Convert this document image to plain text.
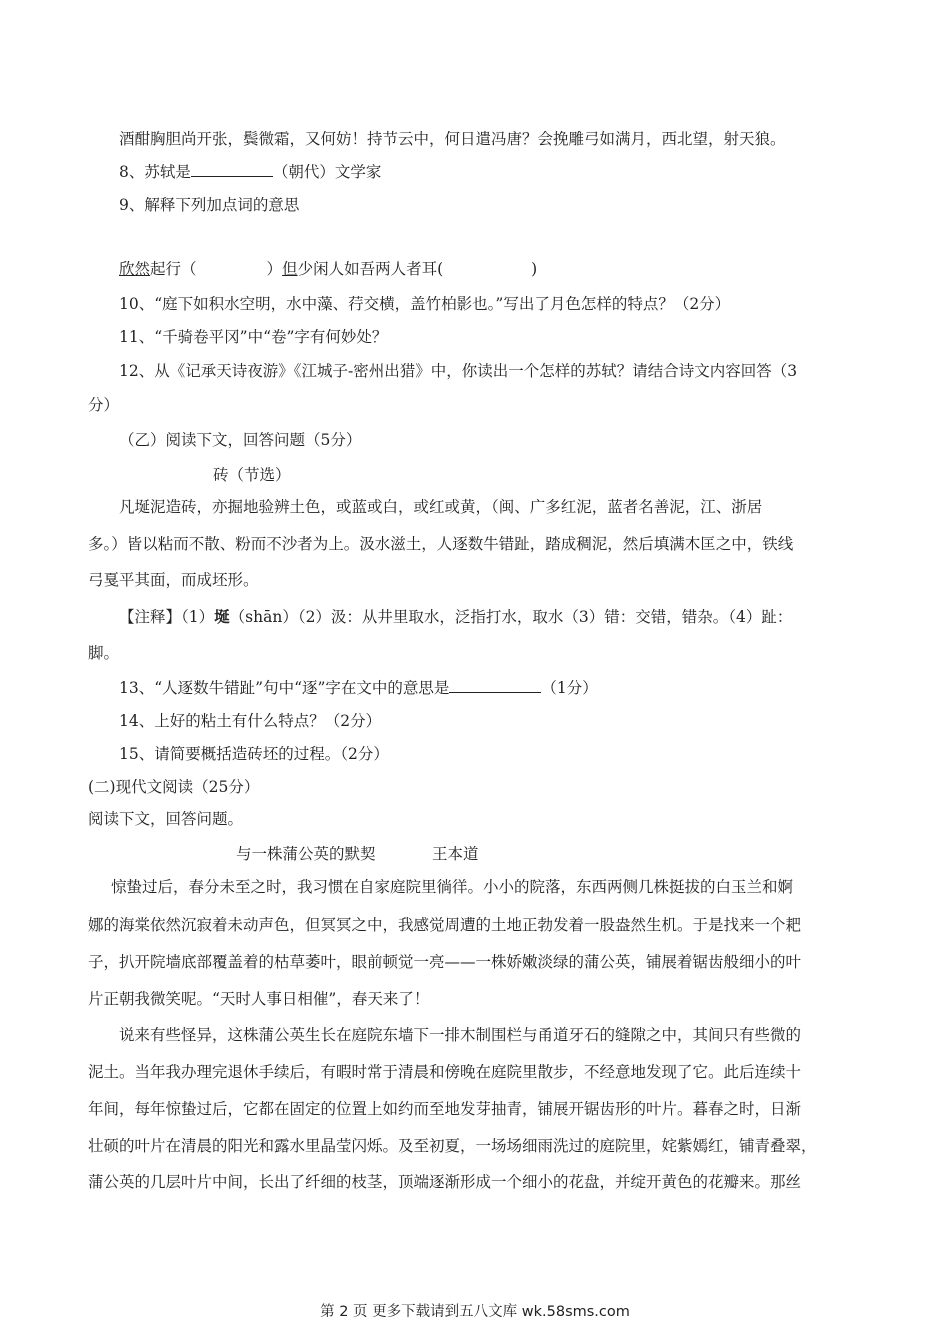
酒酣胸胆尚开张，鬓微霜，又何妨！持节云中，何日遣冯唐？会挽雕弓如满月，西北望，射天狼。
8、苏轼是	（朝代）文学家
9、解释下列加点词的意思
欣然起行（	）但少闲人如吾两人者耳(	)
10、“庭下如积水空明，水中藻、荇交横，盖竹柏影也。”写出了月色怎样的特点？（2分）
11、“千骑卷平冈”中“卷”字有何妙处？
12、从《记承天诗夜游》《江城子-密州出猎》中，你读出一个怎样的苏轼？请结合诗文内容回答（3
分）
（乙）阅读下文，回答问题（5分）
砖（节选）
凡埏泥造砖，亦掘地验辨土色，或蓝或白，或红或黄，（闽、广多红泥，蓝者名善泥，江、浙居
多。）皆以粘而不散、粉而不沙者为上。汲水滋土，人逐数牛错趾，踏成稠泥，然后填满木匡之中，铁线
弓戛平其面，而成坯形。
【注释】（1）埏（shān）（2）汲：从井里取水，泛指打水，取水（3）错：交错，错杂。（4）趾：
脚。
13、“人逐数牛错趾”句中“逐”字在文中的意思是	（1分）
14、上好的粘土有什么特点？（2分）
15、请简要概括造砖坯的过程。（2分）
(二)现代文阅读（25分）
阅读下文，回答问题。
与一株蒲公英的默契	王本道
惊蛰过后，春分未至之时，我习惯在自家庭院里徜徉。小小的院落，东西两侧几株挺拔的白玉兰和婀
娜的海棠依然沉寂着未动声色，但冥冥之中，我感觉周遭的土地正勃发着一股盎然生机。于是找来一个耙
子，扒开院墙底部覆盖着的枯草萎叶，眼前顿觉一亮——一株娇嫩淡绿的蒲公英，铺展着锯齿般细小的叶
片正朝我微笑呢。“天时人事日相催”，春天来了！
说来有些怪异，这株蒲公英生长在庭院东墙下一排木制围栏与甬道牙石的缝隙之中，其间只有些微的
泥土。当年我办理完退休手续后，有暇时常于清晨和傍晚在庭院里散步，不经意地发现了它。此后连续十
年间，每年惊蛰过后，它都在固定的位置上如约而至地发芽抽青，铺展开锯齿形的叶片。暮春之时，日渐
壮硕的叶片在清晨的阳光和露水里晶莹闪烁。及至初夏，一场场细雨洗过的庭院里，姹紫嫣红，铺青叠翠，
蒲公英的几层叶片中间，长出了纤细的枝茎，顶端逐渐形成一个细小的花盘，并绽开黄色的花瓣来。那丝
第 2 页 更多下载请到五八文库 wk.58sms.com
